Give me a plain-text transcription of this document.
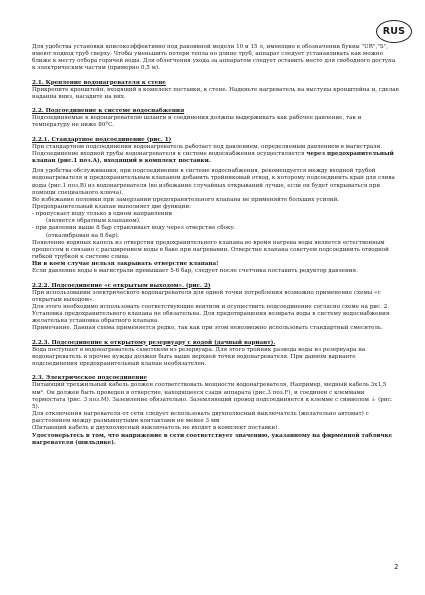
RUS

Для удобства установки вписокоэффективно под раковиной модели 10 и 15 л, имеющие в обозначении буквы "UR","S", имеют подвод труб сверху. Чтобы уменьшить потери тепла по длине труб, аппарат следует устанавливать как можно ближе к месту отбора горячей воды. Для облегчения ухода за аппаратом следует оставить место для свободного доступа к электрическим частям (примерно 0,5 м).

2.1. Крепление водонагревателя к стене

Прикрепите кронштейн, входящий в комплект поставки, к стене. Наденьте нагреватель на выступы кронштейна и, сделав наданна вниз, насадите на них.

2.2. Подсоединение к системе водоснабжения

Подсоединяемые к водонагревателю шланги и соединения должны выдерживать как рабочее давление, так и температуру не ниже 80°C.

2.2.1. Стандартное подсоединение (рис. 1)

При стандартном подсоединении водонагреватель работает под давлением, определяемым давлением в магистрали.

Подсоединение входной трубы водонагревателя к системе водоснабжения осуществляется через предохранительный клапан (рис.1 поз.А), входящий в комплект поставки.

Для удобства обслуживания, при подсоединении к системе водоснабжения, рекомендуется между входной трубой водонагревателя и предохранительным клапаном добавить тройниковый отвод, к которому подсоединить кран для слива воды (рис.1 поз.В) из водонагревателя (во избежание случайных открываний лучше, если он будет открываться при помощи специального ключа).

Во избежание поломки при замерзании предохранительного клапана не применяйте больших усилий.

Предохранительный клапан выполняет две функции:

- пропускает воду только в одном направлении

(является обратным клапаном).

- при давлении выше 8 бар стравливает воду через отверстие сбоку.

(откалиброван на 8 бар).

Появление водяных капель из отверстия предохранительного клапана во время нагрева воды является естественным процессом и связано с расширением воды в баке при нагревании. Отверстие клапана советуем подсоединить отводной гибкой трубкой к системе слива.

Ни в коем случае нельзя закрывать отверстие клапана!

Если давление воды в магистрали превышает 5-6 бар, следует после счетчика поставить редуктор давления.

2.2.2. Подсоединение «с открытым выходом». (рис. 2)

При использовании электрического водонагревателя для одной точки потребления возможно применение схемы «с открытым выходом».

Для этого необходимо использовать соответствующие вентили и осуществить подсоединение согласно схеме на рис. 2. Установка предохранительного клапана не обязательна. Для предотвращения возврата воды в систему водоснабжения желательна установка обратного клапана.

Примечание. Данная схема применяется редко, так как при этом невозможно использовать стандартный смеситель.

2.2.3. Подсоединение к открытому резервуару с водой (дачный вариант).

Вода поступает в водонагреватель самотеком из резервуара. Для этого тройник развода воды из резервуара на водонагреватель и прочие нужды должен быть выше верхней точки водонагревателя. При данном варианте подсоединения предохранительный клапан необязателен.

2.3. Электрическое подсоединение

Питающий трехжильный кабель должен соответствовать мощности водонагревателя, Например, медный кабель 3х1,5 мм². Он должен быть проведен в отверстие, находящееся сзади аппарата (рис.3 поз.F), и соединен с клеммами термостата (рис. 3 поз.М). Заземление обязательно. Заземляющий провод подсоединяется к клемме с символом ⏚ (рис. 5).

Для отключения нагревателя от сети следует использовать двухполюсный выключатель (желательно автомат) с расстоянием между размыкнутыми контактами не менее 3 мм

(Питающий кабель и двухполюсный выключатель не входят в комплект поставки).

Удостоверьтесь в том, что напряжение в сети соответствует значению, указанному на фирменной табличке нагревателя (шильдике).

2
